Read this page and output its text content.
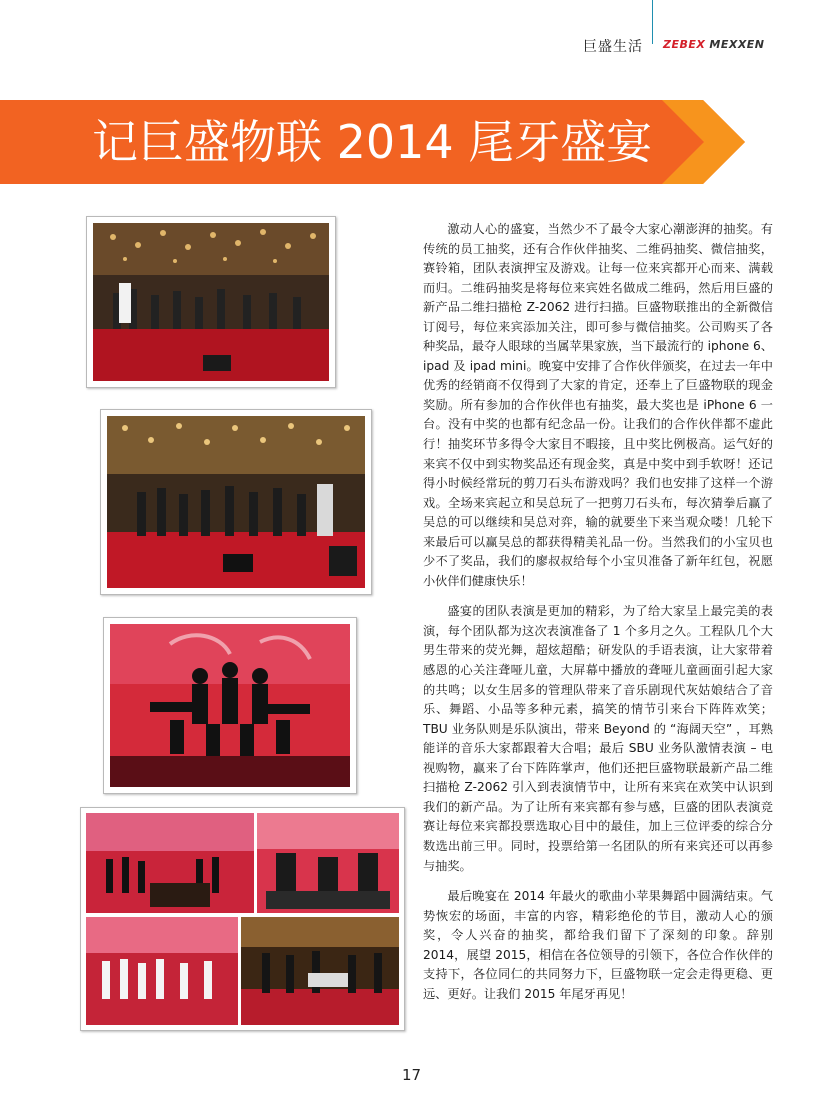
巨盛生活 ZEBEX MEXXEN
记巨盛物联 2014 尾牙盛宴

激动人心的盛宴，当然少不了最令大家心潮澎湃的抽奖。有传统的员工抽奖，还有合作伙伴抽奖、二维码抽奖、微信抽奖，赛铃箱，团队表演押宝及游戏。让每一位来宾都开心而来、满载而归。二维码抽奖是将每位来宾姓名做成二维码，然后用巨盛的新产品二维扫描枪 Z-2062 进行扫描。巨盛物联推出的全新微信订阅号，每位来宾添加关注，即可参与微信抽奖。公司购买了各种奖品，最夺人眼球的当属苹果家族，当下最流行的 iphone 6、ipad 及 ipad mini。晚宴中安排了合作伙伴颁奖，在过去一年中优秀的经销商不仅得到了大家的肯定，还奉上了巨盛物联的现金奖励。所有参加的合作伙伴也有抽奖，最大奖也是 iPhone 6 一台。没有中奖的也都有纪念品一份。让我们的合作伙伴都不虚此行！抽奖环节多得令大家目不暇接，且中奖比例极高。运气好的来宾不仅中到实物奖品还有现金奖，真是中奖中到手软呀！还记得小时候经常玩的剪刀石头布游戏吗？我们也安排了这样一个游戏。全场来宾起立和吴总玩了一把剪刀石头布，每次猜拳后赢了吴总的可以继续和吴总对弈，输的就要坐下来当观众喽！几轮下来最后可以赢吴总的都获得精美礼品一份。当然我们的小宝贝也少不了奖品，我们的廖叔叔给每个小宝贝准备了新年红包，祝愿小伙伴们健康快乐！

盛宴的团队表演是更加的精彩，为了给大家呈上最完美的表演，每个团队都为这次表演准备了 1 个多月之久。工程队几个大男生带来的荧光舞，超炫超酷；研发队的手语表演，让大家带着感恩的心关注聋哑儿童，大屏幕中播放的聋哑儿童画面引起大家的共鸣；以女生居多的管理队带来了音乐剧现代灰姑娘结合了音乐、舞蹈、小品等多种元素，搞笑的情节引来台下阵阵欢笑；TBU 业务队则是乐队演出，带来 Beyond 的 “海阔天空” ，耳熟能详的音乐大家都跟着大合唱；最后 SBU 业务队激情表演 – 电视购物，赢来了台下阵阵掌声，他们还把巨盛物联最新产品二维扫描枪 Z-2062 引入到表演情节中，让所有来宾在欢笑中认识到我们的新产品。为了让所有来宾都有参与感，巨盛的团队表演竞赛让每位来宾都投票选取心目中的最佳，加上三位评委的综合分数选出前三甲。同时，投票给第一名团队的所有来宾还可以再参与抽奖。

最后晚宴在 2014 年最火的歌曲小苹果舞蹈中圆满结束。气势恢宏的场面，丰富的内容，精彩绝伦的节目，激动人心的颁奖，令人兴奋的抽奖，都给我们留下了深刻的印象。辞别 2014，展望 2015，相信在各位领导的引领下，各位合作伙伴的支持下，各位同仁的共同努力下，巨盛物联一定会走得更稳、更远、更好。让我们 2015 年尾牙再见！

17
